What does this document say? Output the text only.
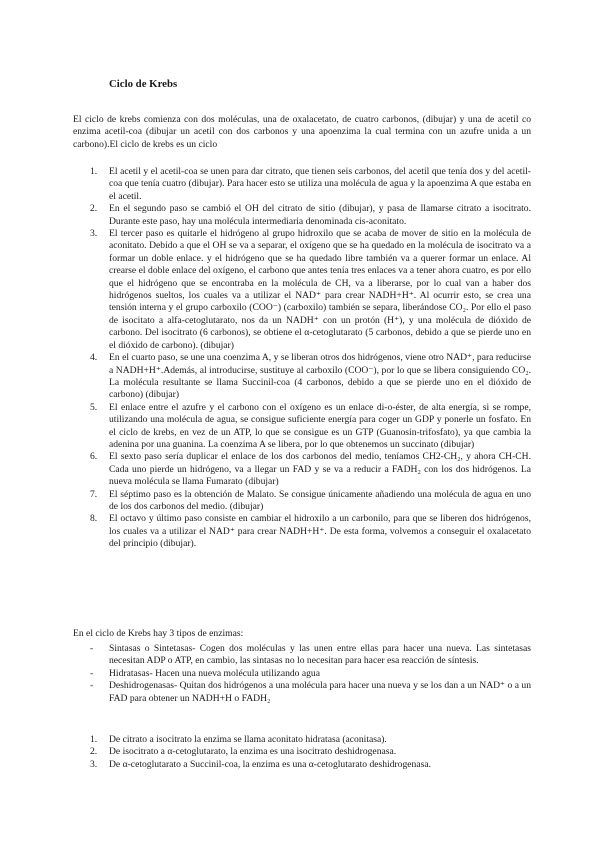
Ciclo de Krebs

El ciclo de krebs comienza con dos moléculas, una de oxalacetato, de cuatro carbonos, (dibujar) y una de acetil co enzima acetil-coa (dibujar un acetil con dos carbonos y una apoenzima la cual termina con un azufre unida a un carbono).El ciclo de krebs es un ciclo

1. El acetil y el acetil-coa se unen para dar citrato, que tienen seis carbonos, del acetil que tenía dos y del acetil-coa que tenía cuatro (dibujar). Para hacer esto se utiliza una molécula de agua y la apoenzima A que estaba en el acetil.
2. En el segundo paso se cambió el OH del citrato de sitio (dibujar), y pasa de llamarse citrato a isocitrato. Durante este paso, hay una molécula intermediaria denominada cis-aconitato.
3. El tercer paso es quitarle el hidrógeno al grupo hidroxilo que se acaba de mover de sitio en la molécula de aconitato. Debido a que el OH se va a separar, el oxígeno que se ha quedado en la molécula de isocitrato va a formar un doble enlace. y el hidrógeno que se ha quedado libre también va a querer formar un enlace. Al crearse el doble enlace del oxígeno, el carbono que antes tenía tres enlaces va a tener ahora cuatro, es por ello que el hidrógeno que se encontraba en la molécula de CH, va a liberarse, por lo cual van a haber dos hidrógenos sueltos, los cuales va a utilizar el NAD⁺ para crear NADH+H⁺. Al ocurrir esto, se crea una tensión interna y el grupo carboxilo (COO⁻) (carboxilo) también se separa, liberándose CO₂. Por ello el paso de isocitato a alfa-cetoglutarato, nos da un NADH⁺ con un protón (H⁺), y una molécula de dióxido de carbono. Del isocitrato (6 carbonos), se obtiene el α-cetoglutarato (5 carbonos, debido a que se pierde uno en el dióxido de carbono). (dibujar)
4. En el cuarto paso, se une una coenzima A, y se liberan otros dos hidrógenos, viene otro NAD⁺, para reducirse a NADH+H⁺.Además, al introducirse, sustituye al carboxilo (COO⁻), por lo que se libera consiguiendo CO₂. La molécula resultante se llama Succinil-coa (4 carbonos, debido a que se pierde uno en el dióxido de carbono) (dibujar)
5. El enlace entre el azufre y el carbono con el oxígeno es un enlace di-o-éster, de alta energía, si se rompe, utilizando una molécula de agua, se consigue suficiente energía para coger un GDP y ponerle un fosfato. En el ciclo de krebs, en vez de un ATP, lo que se consigue es un GTP (Guanosin-trifosfato), ya que cambia la adenina por una guanina. La coenzima A se libera, por lo que obtenemos un succinato (dibujar)
6. El sexto paso sería duplicar el enlace de los dos carbonos del medio, teníamos CH2-CH₂, y ahora CH-CH. Cada uno pierde un hidrógeno, va a llegar un FAD y se va a reducir a FADH₂ con los dos hidrógenos. La nueva molécula se llama Fumarato (dibujar)
7. El séptimo paso es la obtención de Malato. Se consigue únicamente añadiendo una molécula de agua en uno de los dos carbonos del medio. (dibujar)
8. El octavo y último paso consiste en cambiar el hidroxilo a un carbonilo, para que se liberen dos hidrógenos, los cuales va a utilizar el NAD⁺ para crear NADH+H⁺. De esta forma, volvemos a conseguir el oxalacetato del principio (dibujar).

En el ciclo de Krebs hay 3 tipos de enzimas:

- Sintasas o Sintetasas- Cogen dos moléculas y las unen entre ellas para hacer una nueva. Las sintetasas necesitan ADP o ATP, en cambio, las sintasas no lo necesitan para hacer esa reacción de síntesis.
- Hidratasas- Hacen una nueva molécula utilizando agua
- Deshidrogenasas- Quitan dos hidrógenos a una molécula para hacer una nueva y se los dan a un NAD⁺ o a un FAD para obtener un NADH+H o FADH₂
1. De citrato a isocitrato la enzima se llama aconitato hidratasa (aconitasa).
2. De isocitrato a α-cetoglutarato, la enzima es una isocitrato deshidrogenasa.
3. De α-cetoglutarato a Succinil-coa, la enzima es una α-cetoglutarato deshidrogenasa.
